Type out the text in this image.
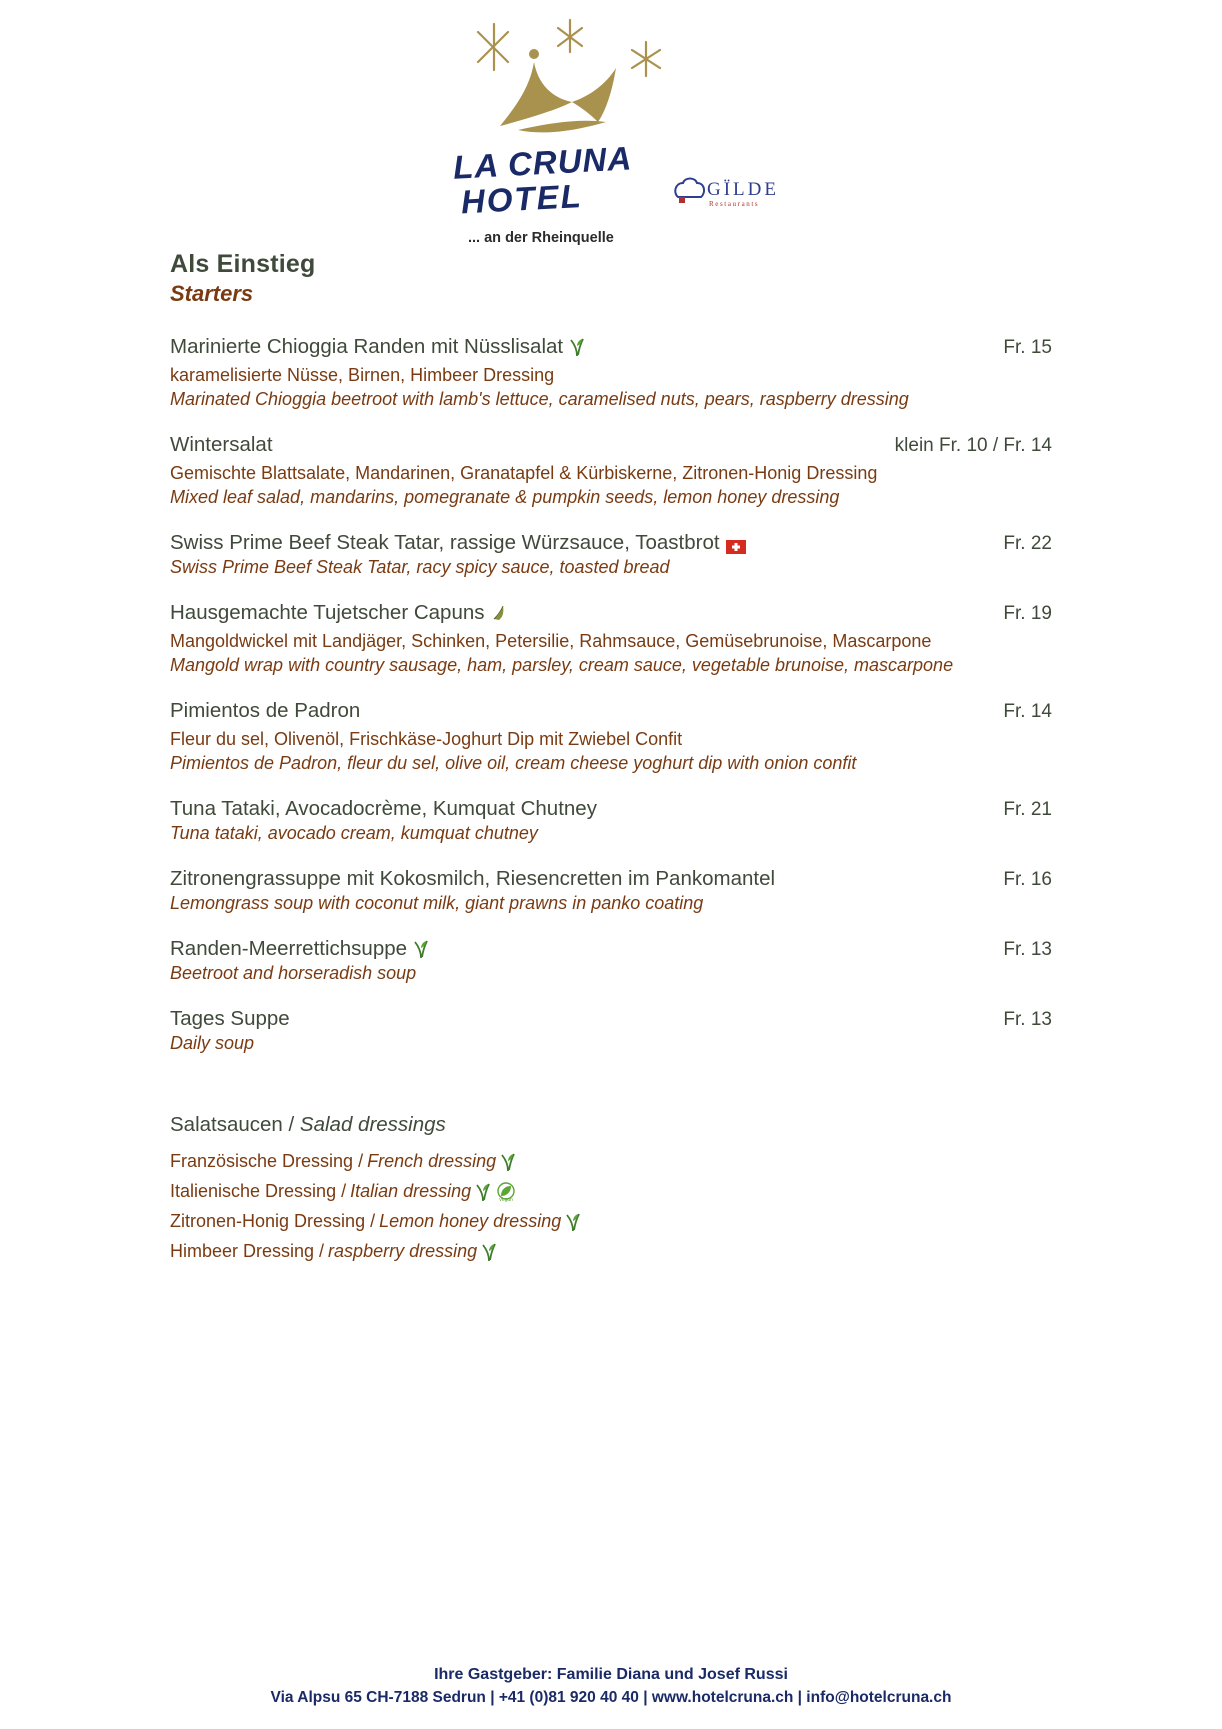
LA CRUNA
HOTEL
... an der Rheinquelle
GÏLDE
Restaurants
Als Einstieg
Starters
Marinierte Chioggia Randen mit Nüsslisalat	Fr. 15
karamelisierte Nüsse, Birnen, Himbeer Dressing
Marinated Chioggia beetroot with lamb's lettuce, caramelised nuts, pears, raspberry dressing
Wintersalat	klein Fr. 10 / Fr. 14
Gemischte Blattsalate, Mandarinen, Granatapfel & Kürbiskerne, Zitronen-Honig Dressing
Mixed leaf salad, mandarins, pomegranate & pumpkin seeds, lemon honey dressing
Swiss Prime Beef Steak Tatar, rassige Würzsauce, Toastbrot	Fr. 22
Swiss Prime Beef Steak Tatar, racy spicy sauce, toasted bread
Hausgemachte Tujetscher Capuns	Fr. 19
Mangoldwickel mit Landjäger, Schinken, Petersilie, Rahmsauce, Gemüsebrunoise, Mascarpone
Mangold wrap with country sausage, ham, parsley, cream sauce, vegetable brunoise, mascarpone
Pimientos de Padron	Fr. 14
Fleur du sel, Olivenöl, Frischkäse-Joghurt Dip mit Zwiebel Confit
Pimientos de Padron, fleur du sel, olive oil, cream cheese yoghurt dip with onion confit
Tuna Tataki, Avocadocrème, Kumquat Chutney	Fr. 21
Tuna tataki, avocado cream, kumquat chutney
Zitronengrassuppe mit Kokosmilch, Riesencretten im Pankomantel	Fr. 16
Lemongrass soup with coconut milk, giant prawns in panko coating
Randen-Meerrettichsuppe	Fr. 13
Beetroot and horseradish soup
Tages Suppe	Fr. 13
Daily soup
Salatsaucen / Salad dressings
Französische Dressing / French dressing
Italienische Dressing / Italian dressing	vegan
Zitronen-Honig Dressing / Lemon honey dressing
Himbeer Dressing / raspberry dressing
Ihre Gastgeber: Familie Diana und Josef Russi
Via Alpsu 65 CH-7188 Sedrun | +41 (0)81 920 40 40 | www.hotelcruna.ch | info@hotelcruna.ch
